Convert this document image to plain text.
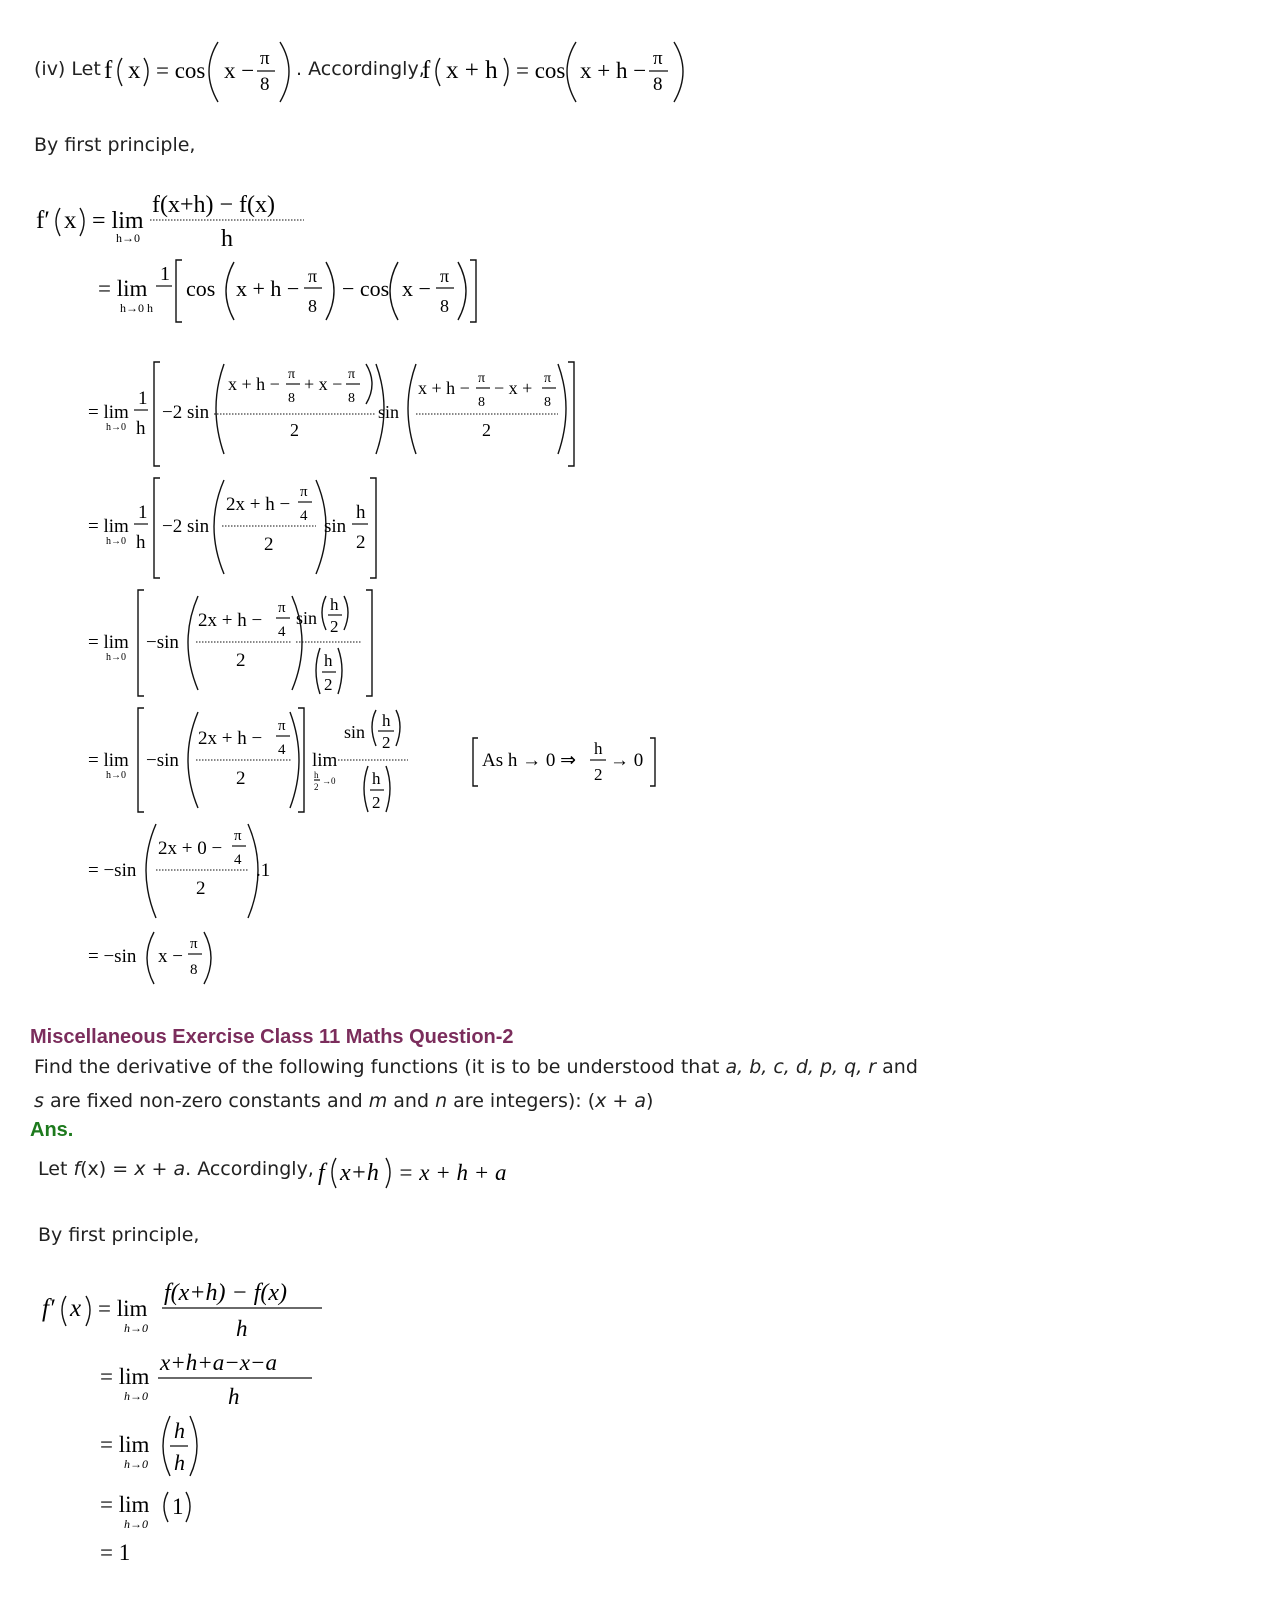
(iv) Let f x = cos x − π
8
. Accordingly,
f x + h = cos x + h − π
8
By first principle,
f′ x = lim
h→0
f(x+h) − f(x)
h
= lim
h→0 h
1
cos x + h − π
8
− cos x − π
8
= lim
h→0
1
h
−2 sin
x + h − π
8
+ x − π
8
2
sin
x + h − π
8
− x + π
8
2
= lim
h→0
1
h
−2 sin
2x + h −
π
4
2
sin
h
2
= lim
h→0
−sin
2x + h −
π
4
2
sin
h
2
h
2
= lim
h→0
−sin
2x + h −
π
4
2
lim
h
2
→0
sin
h
2
h
2
As h → 0 ⇒
h
2
→ 0
= −sin
2x + 0 −
π
4
2
.1
= −sin x −
π
8
Miscellaneous Exercise Class 11 Maths Question-2
Find the derivative of the following functions (it is to be understood that a, b, c, d, p, q, r and
s are fixed non-zero constants and m and n are integers): (x + a)
Ans.
Let f(x) = x + a. Accordingly, f x+h = x + h + a
By first principle,
f′ x = lim
h→0
f(x+h) − f(x)
h
= lim
h→0
x+h+a−x−a
h
= lim
h→0
h
h
= lim
h→0
1
= 1
